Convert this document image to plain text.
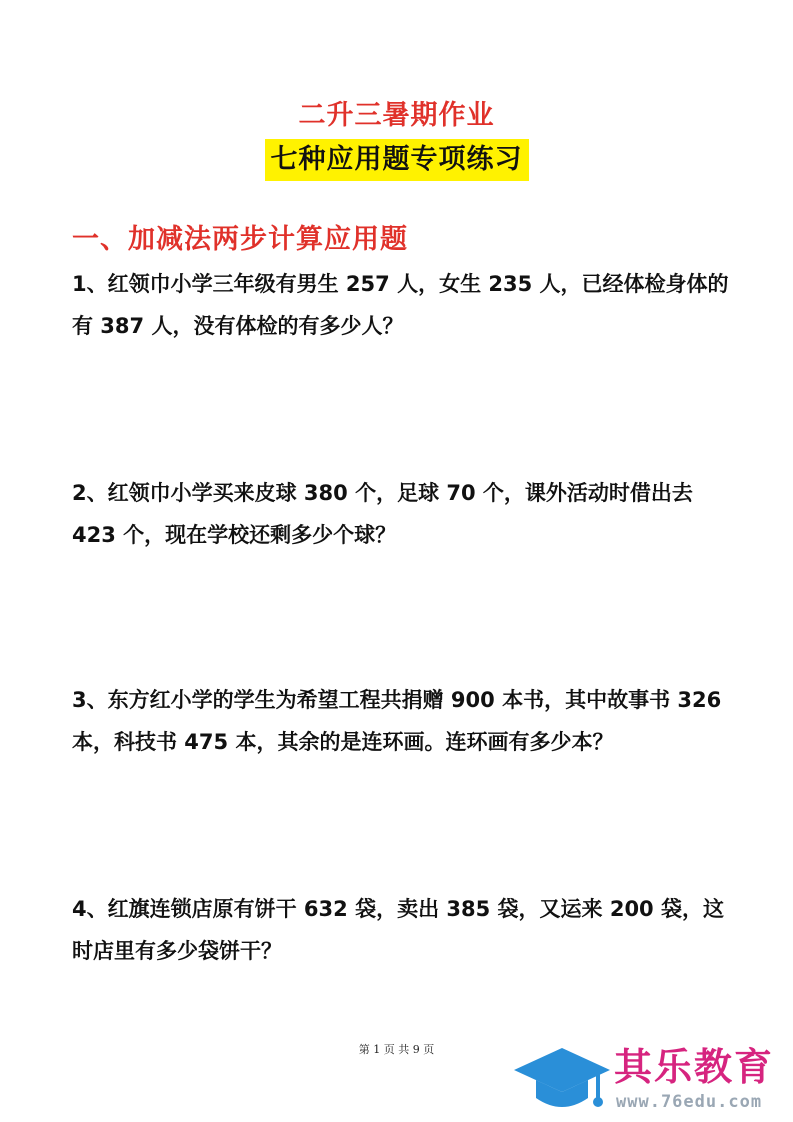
二升三暑期作业
七种应用题专项练习
一、加减法两步计算应用题
1、红领巾小学三年级有男生 257 人，女生 235 人，已经体检身体的有 387 人，没有体检的有多少人？
2、红领巾小学买来皮球 380 个，足球 70 个，课外活动时借出去 423 个，现在学校还剩多少个球？
3、东方红小学的学生为希望工程共捐赠 900 本书，其中故事书 326 本，科技书 475 本，其余的是连环画。连环画有多少本？
4、红旗连锁店原有饼干 632 袋，卖出 385 袋，又运来 200 袋，这时店里有多少袋饼干？
第 1 页 共 9 页	其乐教育
www.76edu.com
